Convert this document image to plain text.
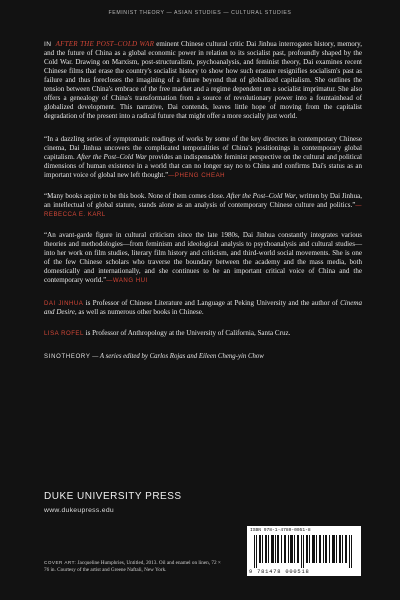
FEMINIST THEORY — ASIAN STUDIES — CULTURAL STUDIES

IN AFTER THE POST–COLD WAR eminent Chinese cultural critic Dai Jinhua interrogates history, memory, and the future of China as a global economic power in relation to its socialist past, profoundly shaped by the Cold War. Drawing on Marxism, post-structuralism, psychoanalysis, and feminist theory, Dai examines recent Chinese films that erase the country's socialist history to show how such erasure resignifies socialism's past as failure and thus forecloses the imagining of a future beyond that of globalized capitalism. She outlines the tension between China's embrace of the free market and a regime dependent on a socialist imprimatur. She also offers a genealogy of China's transformation from a source of revolutionary power into a fountainhead of globalized development. This narrative, Dai contends, leaves little hope of moving from the capitalist degradation of the present into a radical future that might offer a more socially just world.

“In a dazzling series of symptomatic readings of works by some of the key directors in contemporary Chinese cinema, Dai Jinhua uncovers the complicated temporalities of China's positionings in contemporary global capitalism. After the Post–Cold War provides an indispensable feminist perspective on the cultural and political dimensions of human existence in a world that can no longer say no to China and confirms Dai's status as an important voice of global new left thought.”—PHENG CHEAH

“Many books aspire to be this book. None of them comes close. After the Post–Cold War, written by Dai Jinhua, an intellectual of global stature, stands alone as an analysis of contemporary Chinese culture and politics.”—REBECCA E. KARL

“An avant-garde figure in cultural criticism since the late 1980s, Dai Jinhua constantly integrates various theories and methodologies—from feminism and ideological analysis to psychoanalysis and cultural studies—into her work on film studies, literary film history and criticism, and third-world social movements. She is one of the few Chinese scholars who traverse the boundary between the academy and the mass media, both domestically and internationally, and she continues to be an important critical voice of China and the contemporary world.”—WANG HUI

DAI JINHUA is Professor of Chinese Literature and Language at Peking University and the author of Cinema and Desire, as well as numerous other books in Chinese.

LISA ROFEL is Professor of Anthropology at the University of California, Santa Cruz.

SINOTHEORY — A series edited by Carlos Rojas and Eileen Cheng-yin Chow

DUKE UNIVERSITY PRESS
www.dukeupress.edu
COVER ART: Jacqueline Humphries, Untitled, 2013. Oil and enamel on linen, 72 × 76 in. Courtesy of the artist and Greene Naftali, New York.
ISBN 978-1-4780-0051-8
9 781478 000518
